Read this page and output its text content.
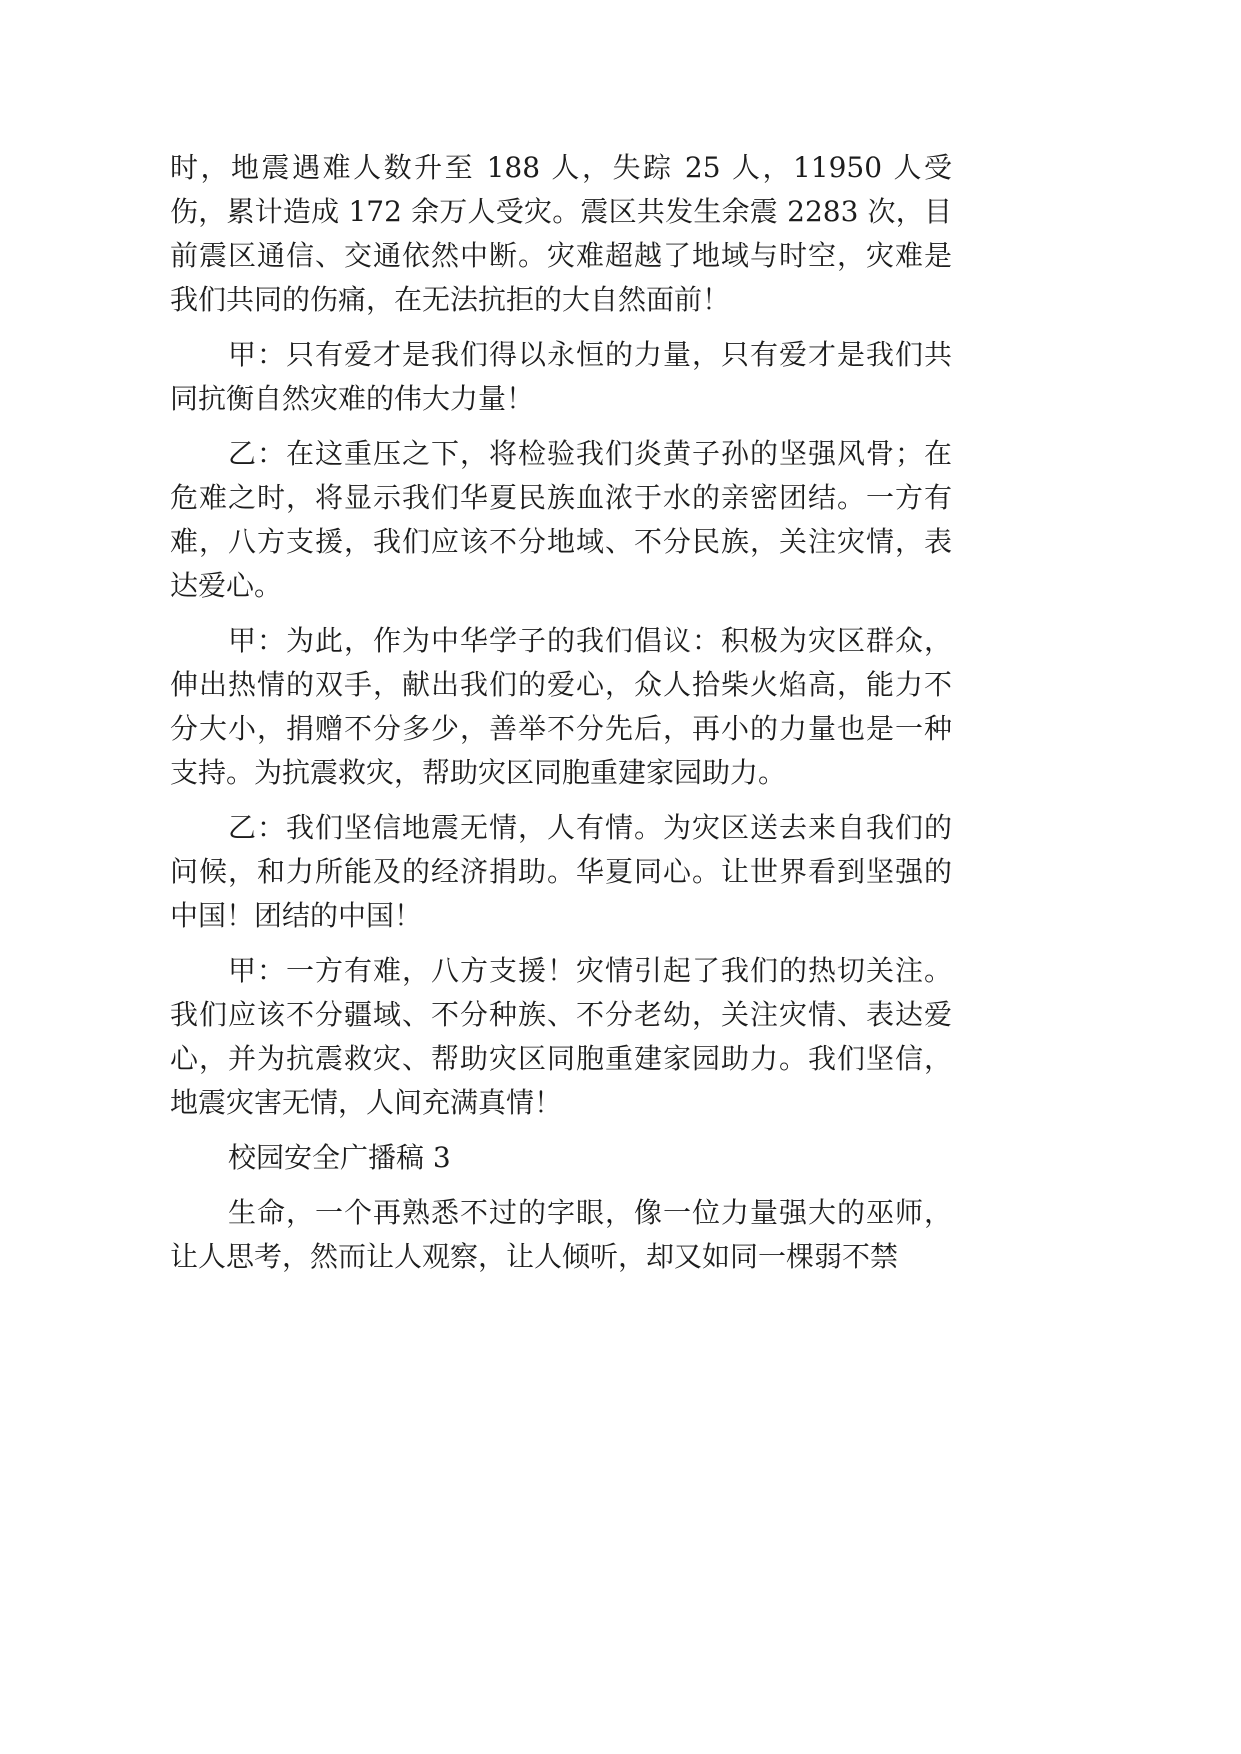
时，地震遇难人数升至 188 人，失踪 25 人，11950 人受伤，累计造成 172 余万人受灾。震区共发生余震 2283 次，目前震区通信、交通依然中断。灾难超越了地域与时空，灾难是我们共同的伤痛，在无法抗拒的大自然面前！

甲：只有爱才是我们得以永恒的力量，只有爱才是我们共同抗衡自然灾难的伟大力量！

乙：在这重压之下，将检验我们炎黄子孙的坚强风骨；在危难之时，将显示我们华夏民族血浓于水的亲密团结。一方有难，八方支援，我们应该不分地域、不分民族，关注灾情，表达爱心。

甲：为此，作为中华学子的我们倡议：积极为灾区群众，伸出热情的双手，献出我们的爱心，众人拾柴火焰高，能力不分大小，捐赠不分多少，善举不分先后，再小的力量也是一种支持。为抗震救灾，帮助灾区同胞重建家园助力。

乙：我们坚信地震无情，人有情。为灾区送去来自我们的问候，和力所能及的经济捐助。华夏同心。让世界看到坚强的中国！团结的中国！

甲：一方有难，八方支援！灾情引起了我们的热切关注。我们应该不分疆域、不分种族、不分老幼，关注灾情、表达爱心，并为抗震救灾、帮助灾区同胞重建家园助力。我们坚信，地震灾害无情，人间充满真情！

校园安全广播稿 3

生命，一个再熟悉不过的字眼，像一位力量强大的巫师，让人思考，然而让人观察，让人倾听，却又如同一棵弱不禁
